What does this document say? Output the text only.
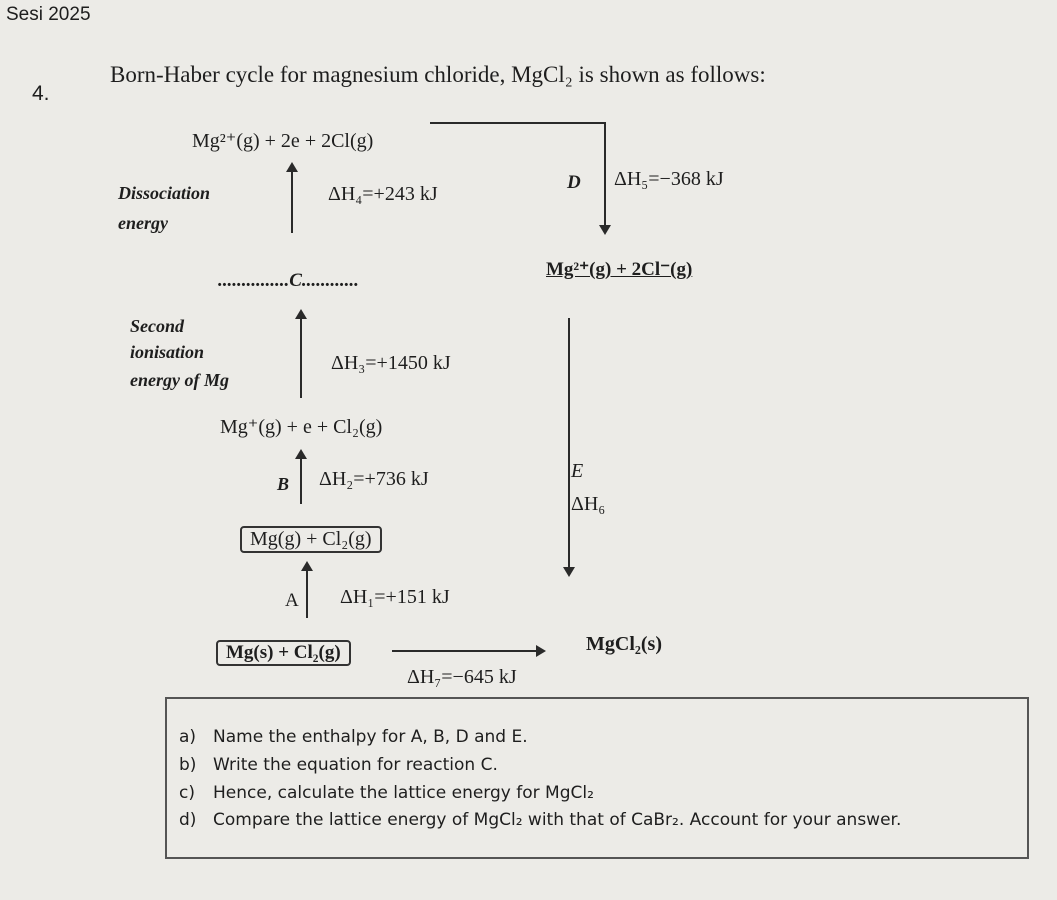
Sesi 2025
4.
Born-Haber cycle for magnesium chloride, MgCl₂ is shown as follows:
Mg²⁺(g) + 2e + 2Cl(g)
D ΔH₅=−368 kJ
Dissociation
energy
ΔH₄=+243 kJ
...............C............
Mg²⁺(g) + 2Cl⁻(g)
Second
ionisation
energy of Mg
ΔH₃=+1450 kJ
E
ΔH₆
Mg⁺(g) + e + Cl₂(g)
B ΔH₂=+736 kJ
Mg(g) + Cl₂(g)
A ΔH₁=+151 kJ
Mg(s) + Cl₂(g)
ΔH₇=−645 kJ
MgCl₂(s)
a) Name the enthalpy for A, B, D and E.
b) Write the equation for reaction C.
c) Hence, calculate the lattice energy for MgCl₂
d) Compare the lattice energy of MgCl₂ with that of CaBr₂. Account for your answer.
